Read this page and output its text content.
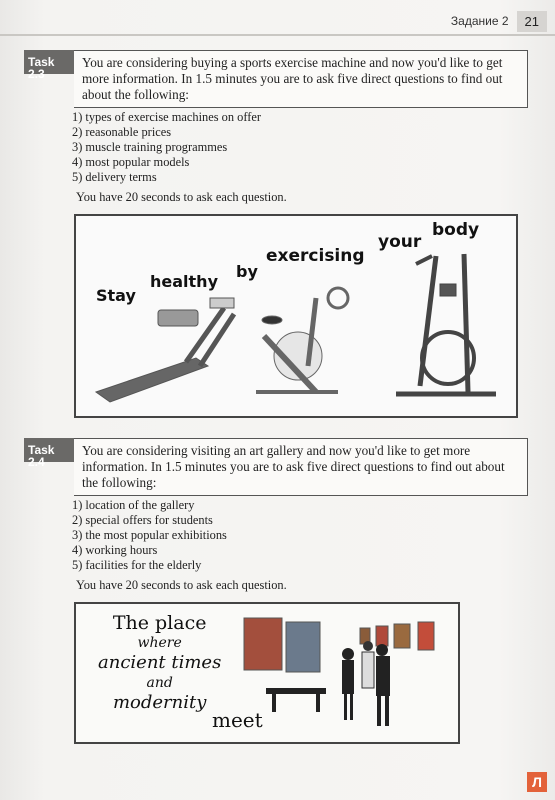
Задание 2	21
Task 2.3
You are considering buying a sports exercise machine and now you'd like to get more information. In 1.5 minutes you are to ask five direct questions to find out about the following:
1) types of exercise machines on offer
2) reasonable prices
3) muscle training programmes
4) most popular models
5) delivery terms
You have 20 seconds to ask each question.
Stay
healthy
by
exercising
your
body
Task 2.4
You are considering visiting an art gallery and now you'd like to get more information. In 1.5 minutes you are to ask five direct questions to find out about the following:
1) location of the gallery
2) special offers for students
3) the most popular exhibitions
4) working hours
5) facilities for the elderly
You have 20 seconds to ask each question.
The place
where
ancient times
and
modernity
meet
Л
